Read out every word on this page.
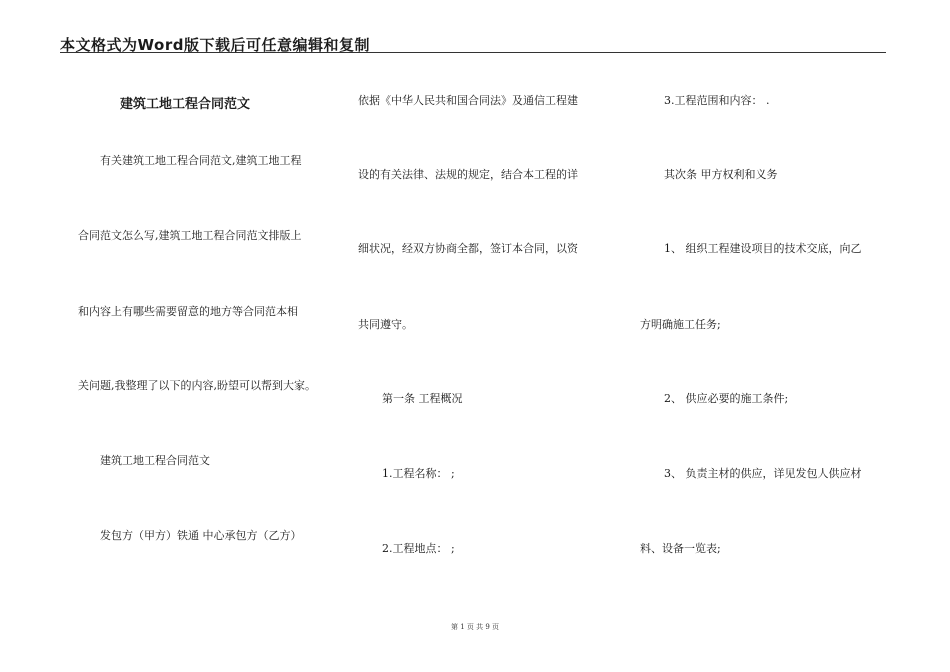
本文格式为Word版下载后可任意编辑和复制
建筑工地工程合同范文
有关建筑工地工程合同范文,建筑工地工程
合同范文怎么写,建筑工地工程合同范文排版上
和内容上有哪些需要留意的地方等合同范本相
关问题,我整理了以下的内容,盼望可以帮到大家。
建筑工地工程合同范文
发包方（甲方）铁通 中心承包方（乙方）
依据《中华人民共和国合同法》及通信工程建
设的有关法律、法规的规定，结合本工程的详
细状况，经双方协商全都，签订本合同，以资
共同遵守。
第一条 工程概况
1.工程名称： ;
2.工程地点： ;
3.工程范围和内容： .
其次条 甲方权利和义务
1、 组织工程建设项目的技术交底，向乙
方明确施工任务;
2、 供应必要的施工条件;
3、 负责主材的供应，详见发包人供应材
料、设备一览表;
第 1 页 共 9 页
